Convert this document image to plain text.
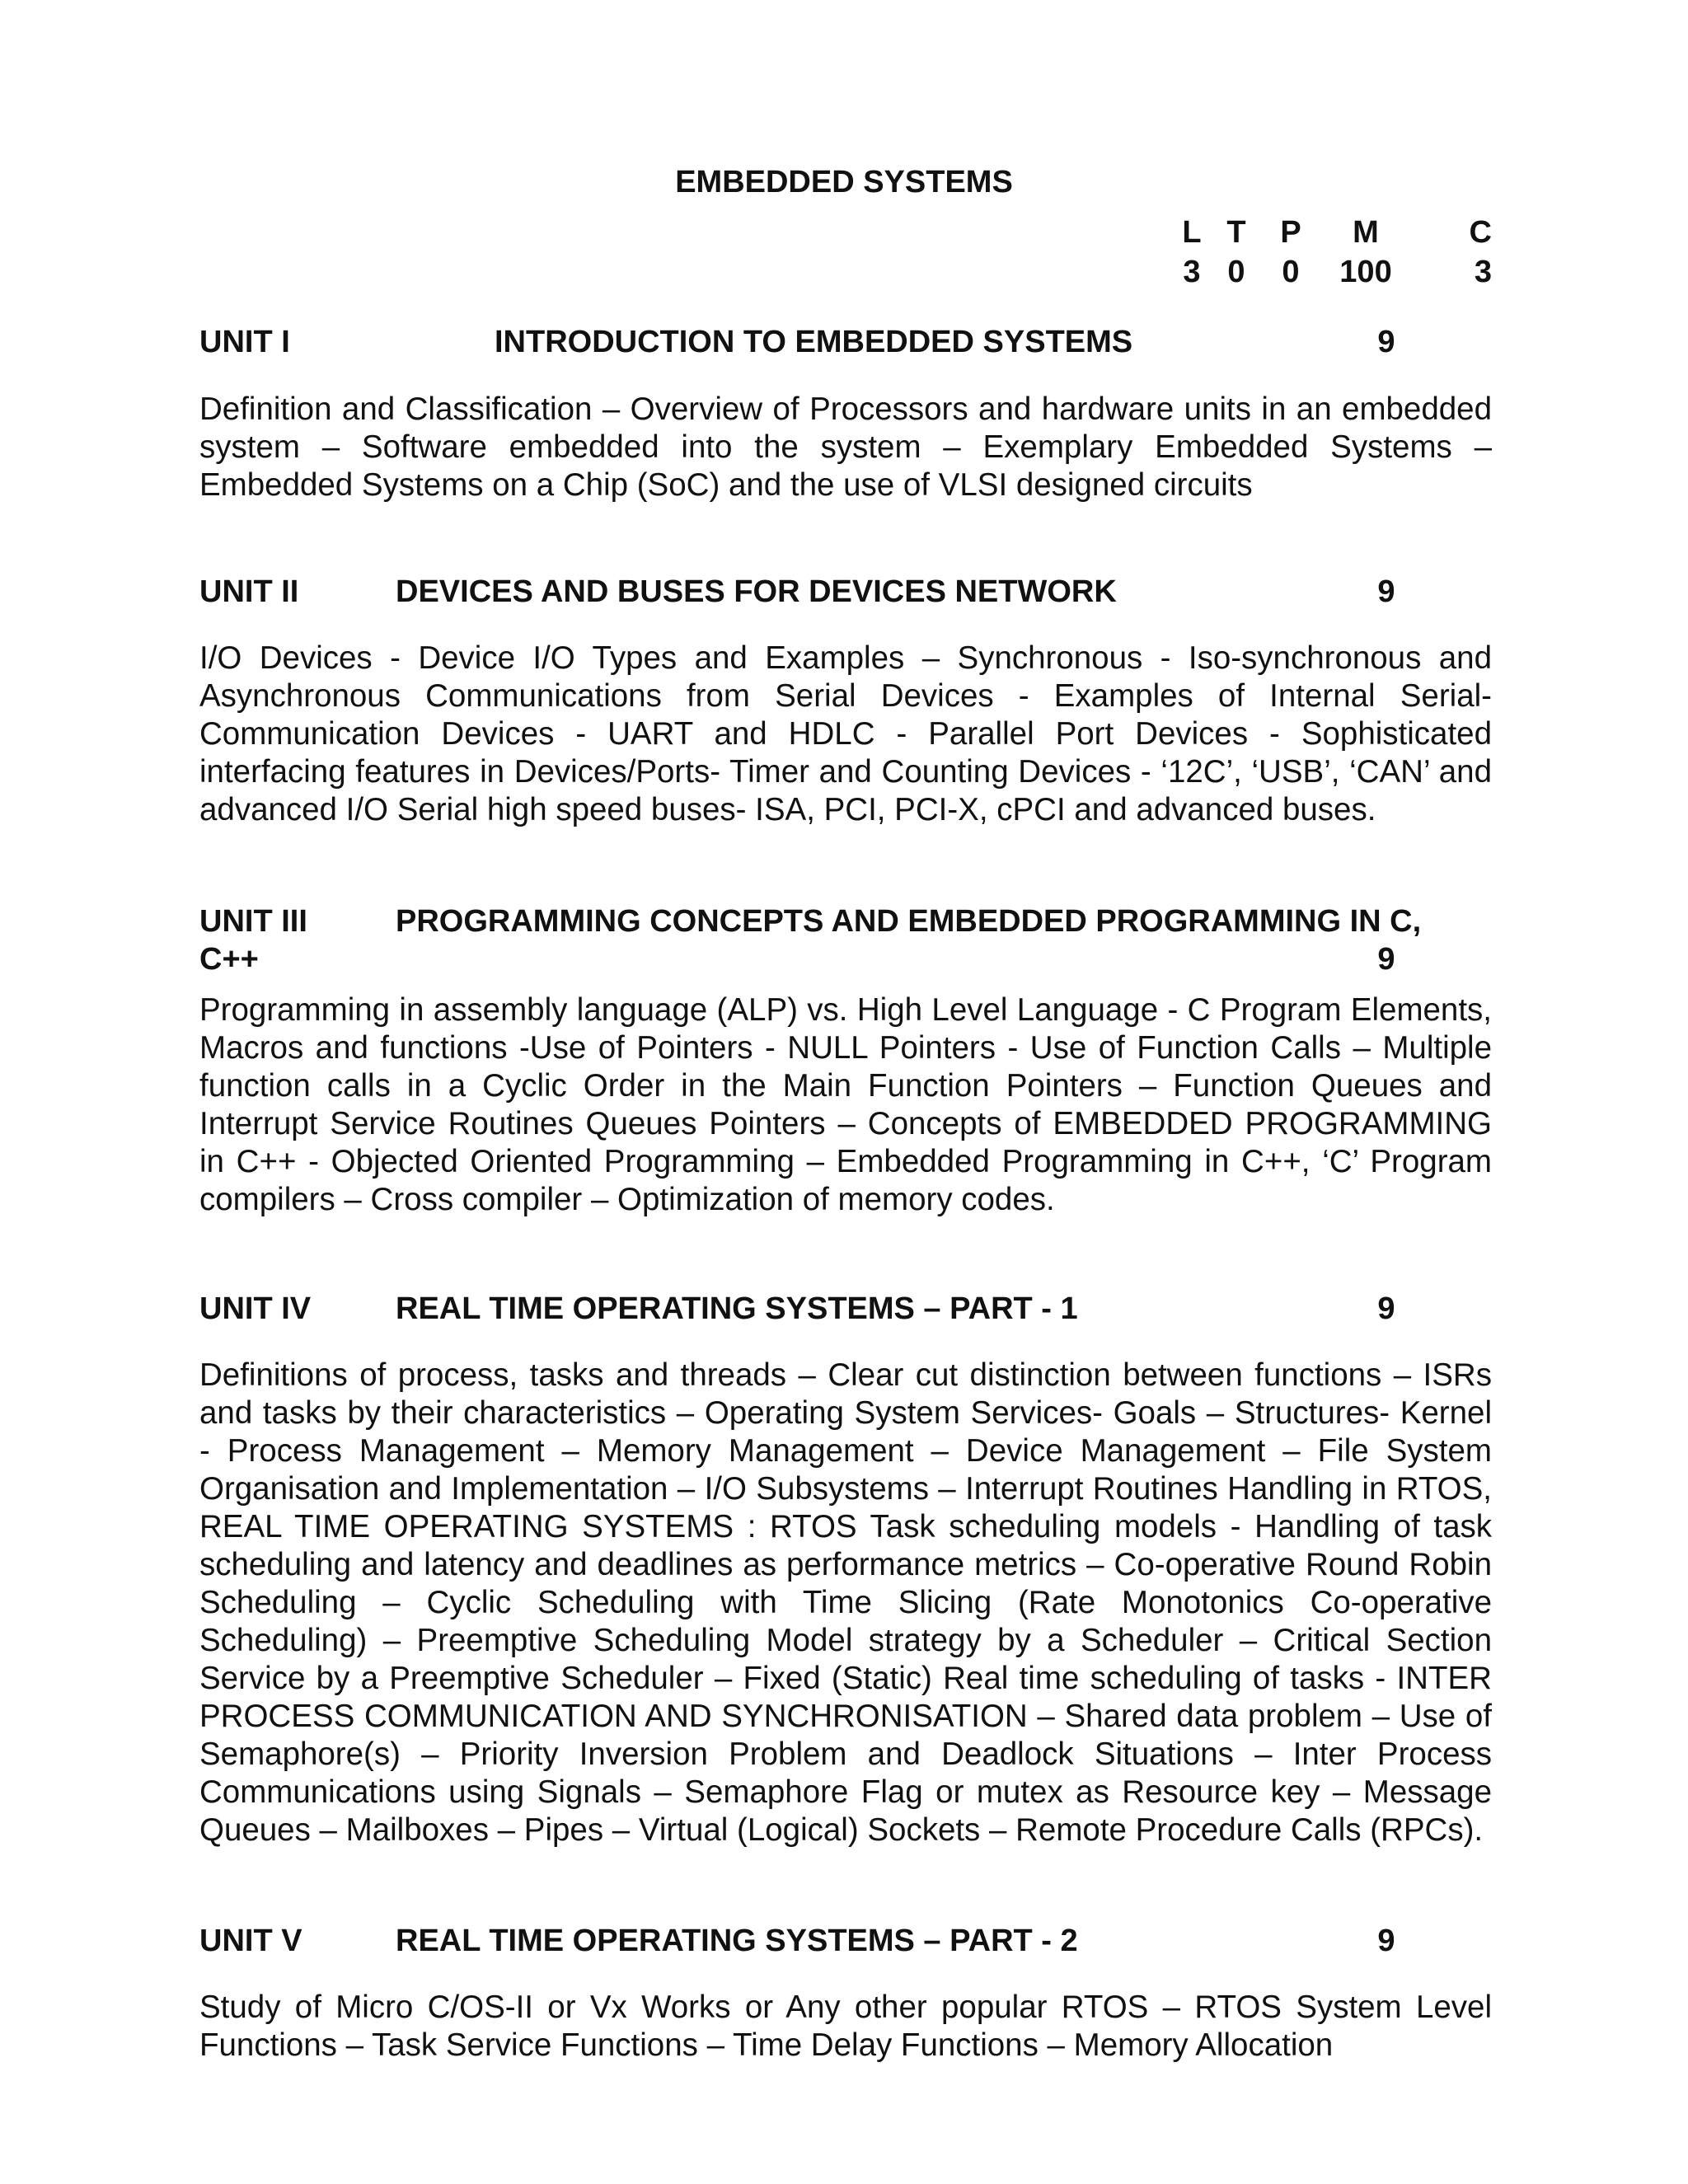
EMBEDDED SYSTEMS
L	T	P	M	C
3	0	0	100	3
UNIT I	INTRODUCTION TO EMBEDDED SYSTEMS	9

Definition and Classification – Overview of Processors and hardware units in an embedded system – Software embedded into the system – Exemplary Embedded Systems – Embedded Systems on a Chip (SoC) and the use of VLSI designed circuits

UNIT II	DEVICES AND BUSES FOR DEVICES NETWORK	9

I/O Devices - Device I/O Types and Examples – Synchronous - Iso-synchronous and Asynchronous Communications from Serial Devices - Examples of Internal Serial-Communication Devices - UART and HDLC - Parallel Port Devices - Sophisticated interfacing features in Devices/Ports- Timer and Counting Devices - ‘12C’, ‘USB’, ‘CAN’ and advanced I/O Serial high speed buses- ISA, PCI, PCI-X, cPCI and advanced buses.

UNIT III	PROGRAMMING CONCEPTS AND EMBEDDED PROGRAMMING IN C,
C++	9

Programming in assembly language (ALP) vs. High Level Language - C Program Elements, Macros and functions -Use of Pointers - NULL Pointers - Use of Function Calls – Multiple function calls in a Cyclic Order in the Main Function Pointers – Function Queues and Interrupt Service Routines Queues Pointers – Concepts of EMBEDDED PROGRAMMING in C++ - Objected Oriented Programming – Embedded Programming in C++, ‘C’ Program compilers – Cross compiler – Optimization of memory codes.

UNIT IV	REAL TIME OPERATING SYSTEMS – PART - 1	9

Definitions of process, tasks and threads – Clear cut distinction between functions – ISRs and tasks by their characteristics – Operating System Services- Goals – Structures- Kernel - Process Management – Memory Management – Device Management – File System Organisation and Implementation – I/O Subsystems – Interrupt Routines Handling in RTOS, REAL TIME OPERATING SYSTEMS : RTOS Task scheduling models - Handling of task scheduling and latency and deadlines as performance metrics – Co-operative Round Robin Scheduling – Cyclic Scheduling with Time Slicing (Rate Monotonics Co-operative Scheduling) – Preemptive Scheduling Model strategy by a Scheduler – Critical Section Service by a Preemptive Scheduler – Fixed (Static) Real time scheduling of tasks - INTER PROCESS COMMUNICATION AND SYNCHRONISATION – Shared data problem – Use of Semaphore(s) – Priority Inversion Problem and Deadlock Situations – Inter Process Communications using Signals – Semaphore Flag or mutex as Resource key – Message Queues – Mailboxes – Pipes – Virtual (Logical) Sockets – Remote Procedure Calls (RPCs).

UNIT V	REAL TIME OPERATING SYSTEMS – PART - 2	9

Study of Micro C/OS-II or Vx Works or Any other popular RTOS – RTOS System Level Functions – Task Service Functions – Time Delay Functions – Memory Allocation
